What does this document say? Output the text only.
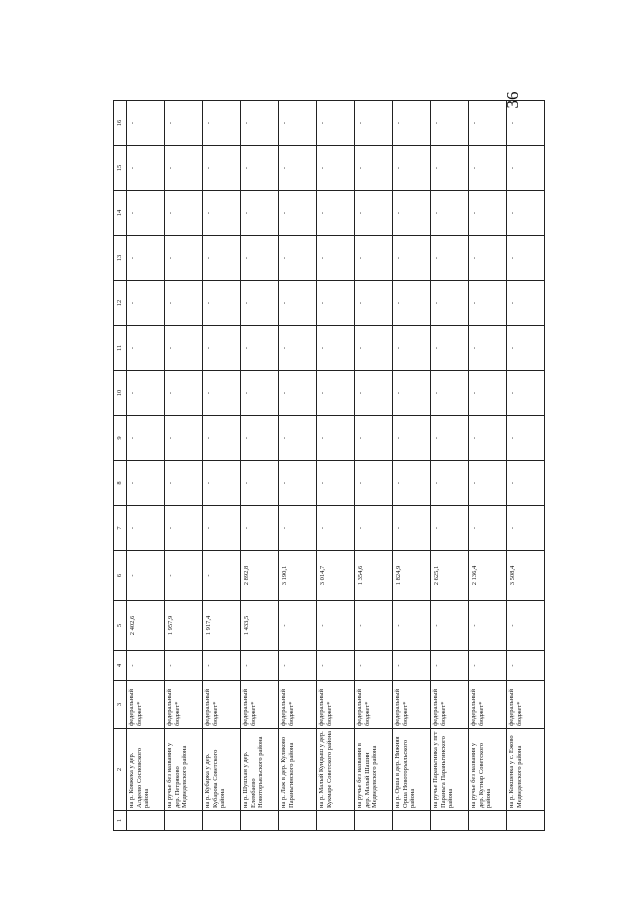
36
1	2	3	4	5	6	7	8	9	10	11	12	13	14	15	16
	на р. Ковжека у дер. Алдеево Сосновского района	федеральный бюджет*	-	2 402,6	-	-	-	-	-	-	-	-	-	-	-
	на ручье без названия у дер. Петряково Медведевского района	федеральный бюджет*	-	1 957,9	-	-	-	-	-	-	-	-	-	-	-
	на р. Кубарка у дер. Кубарова Советского района	федеральный бюджет*	-	1 917,4	-	-	-	-	-	-	-	-	-	-	-
	на р. Шушхан у дер. Елембаево Новоторъяльского района	федеральный бюджет*	-	1 433,5	2 892,8	-	-	-	-	-	-	-	-	-	-
	на р. Лаж в дер. Куликово Параньгинского района	федеральный бюджет*	-	-	3 190,1	-	-	-	-	-	-	-	-	-	-
	на р. Малый Кундыш у дер. Кукмаре Советского района	федеральный бюджет*	-	-	3 014,7	-	-	-	-	-	-	-	-	-	-
	на ручье без названия в дер. Малый Шашин Медведевского района	федеральный бюджет*	-	-	1 354,6	-	-	-	-	-	-	-	-	-	-
	на р. Орша в дер. Нижняя Орша Новоторъяльского района	федеральный бюджет*	-	-	1 824,9	-	-	-	-	-	-	-	-	-	-
	на ручье Параньгинка у пгт Параньга Параньгинского района	федеральный бюджет*	-	-	2 625,1	-	-	-	-	-	-	-	-	-	-
	на ручье без названия у дер. Кутнар Советского района	федеральный бюджет*	-	-	2 136,4	-	-	-	-	-	-	-	-	-	-
	на р. Кокшенка у с. Ежово Медведевского района	федеральный бюджет*	-	-	3 508,4	-	-	-	-	-	-	-	-	-	-
